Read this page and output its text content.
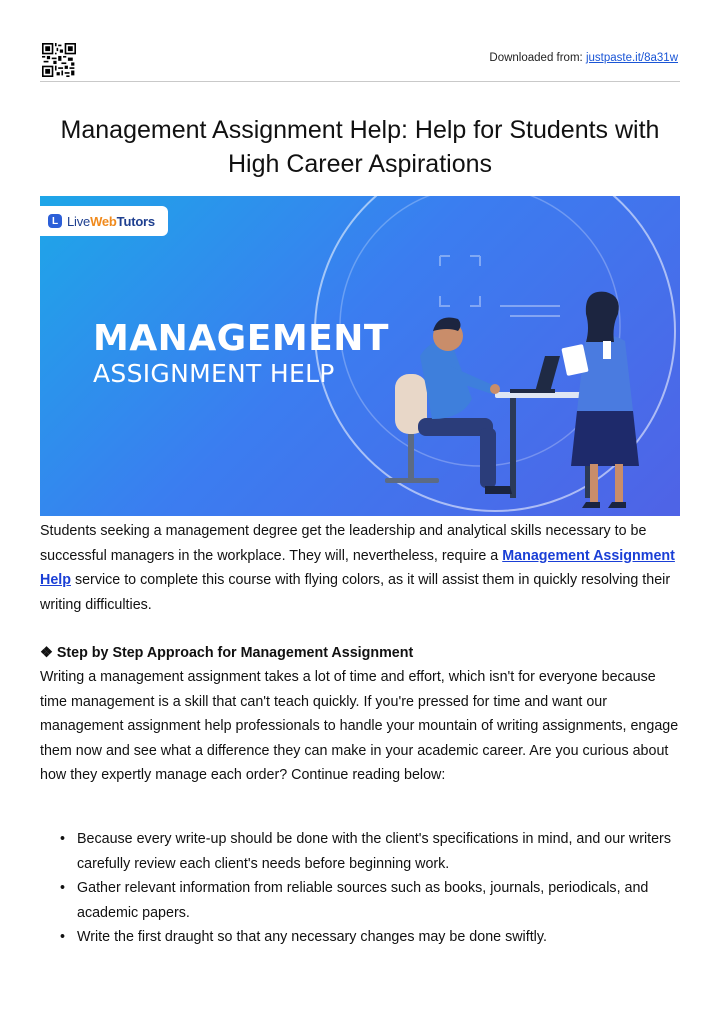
Downloaded from: justpaste.it/8a31w
Management Assignment Help: Help for Students with High Career Aspirations
L LiveWebTutors
MANAGEMENT
ASSIGNMENT HELP

Students seeking a management degree get the leadership and analytical skills necessary to be successful managers in the workplace. They will, nevertheless, require a Management Assignment Help service to complete this course with flying colors, as it will assist them in quickly resolving their writing difficulties.

❖ Step by Step Approach for Management Assignment

Writing a management assignment takes a lot of time and effort, which isn't for everyone because time management is a skill that can't teach quickly. If you're pressed for time and want our management assignment help professionals to handle your mountain of writing assignments, engage them now and see what a difference they can make in your academic career. Are you curious about how they expertly manage each order? Continue reading below:

• Because every write-up should be done with the client's specifications in mind, and our writers carefully review each client's needs before beginning work.
• Gather relevant information from reliable sources such as books, journals, periodicals, and academic papers.
• Write the first draught so that any necessary changes may be done swiftly.
